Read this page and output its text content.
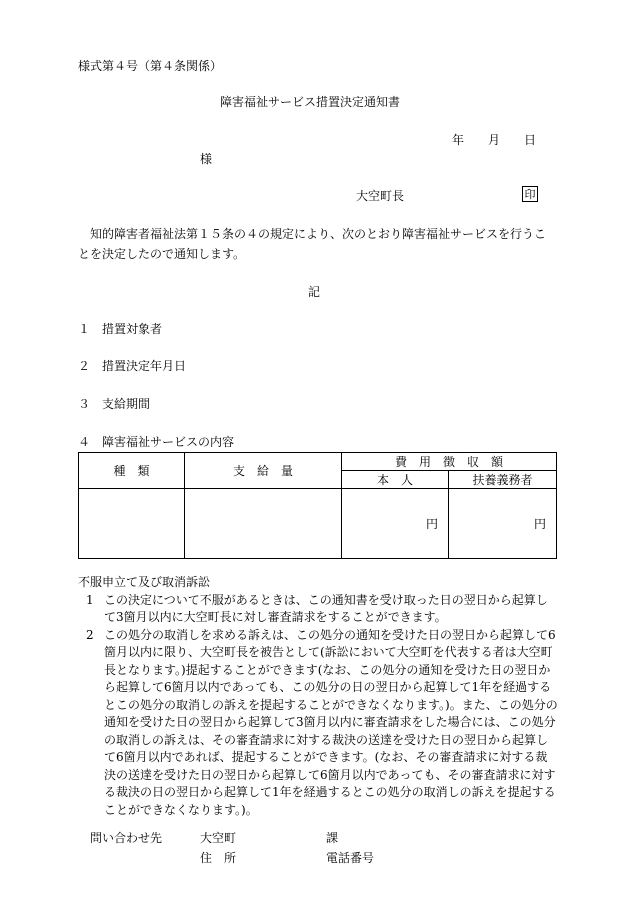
様式第４号（第４条関係）
障害福祉サービス措置決定通知書
年　　月　　日
様
大空町長	印
知的障害者福祉法第１５条の４の規定により、次のとおり障害福祉サービスを行うことを決定したので通知します。
記
１ 措置対象者
２ 措置決定年月日
３ 支給期間
４ 障害福祉サービスの内容
種　類	支　給　量	費　用　徴　収　額	
		本　人	扶養義務者
		円	円
不服申立て及び取消訴訟

1 この決定について不服があるときは、この通知書を受け取った日の翌日から起算して3箇月以内に大空町長に対し審査請求をすることができます。

2 この処分の取消しを求める訴えは、この処分の通知を受けた日の翌日から起算して6箇月以内に限り、大空町長を被告として(訴訟において大空町を代表する者は大空町長となります。)提起することができます(なお、この処分の通知を受けた日の翌日から起算して6箇月以内であっても、この処分の日の翌日から起算して1年を経過するとこの処分の取消しの訴えを提起することができなくなります。)。また、この処分の通知を受けた日の翌日から起算して3箇月以内に審査請求をした場合には、この処分の取消しの訴えは、その審査請求に対する裁決の送達を受けた日の翌日から起算して6箇月以内であれば、提起することができます。(なお、その審査請求に対する裁決の送達を受けた日の翌日から起算して6箇月以内であっても、その審査請求に対する裁決の日の翌日から起算して1年を経過するとこの処分の取消しの訴えを提起することができなくなります。)。

問い合わせ先	大空町	課
住　所	電話番号
